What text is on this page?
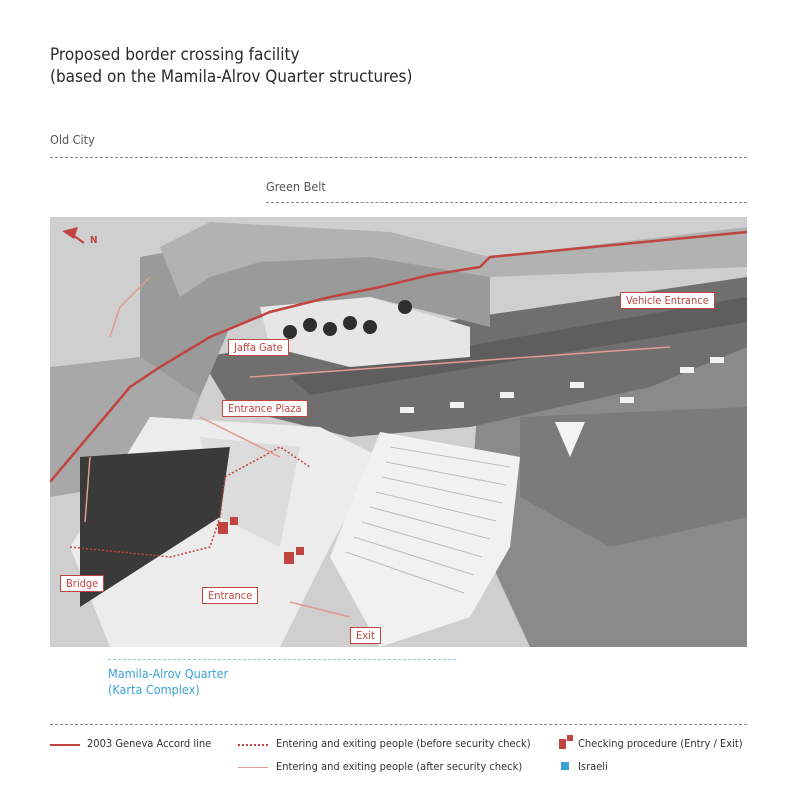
Proposed border crossing facility
(based on the Mamila-Alrov Quarter structures)
Old City
Green Belt
N
Vehicle Entrance
Jaffa Gate
Entrance Plaza
Bridge
Entrance
Exit
Mamila-Alrov Quarter
(Karta Complex)
2003 Geneva Accord line	Entering and exiting people (before security check)
Entering and exiting people (after security check)
Checking procedure (Entry / Exit)
Israeli
